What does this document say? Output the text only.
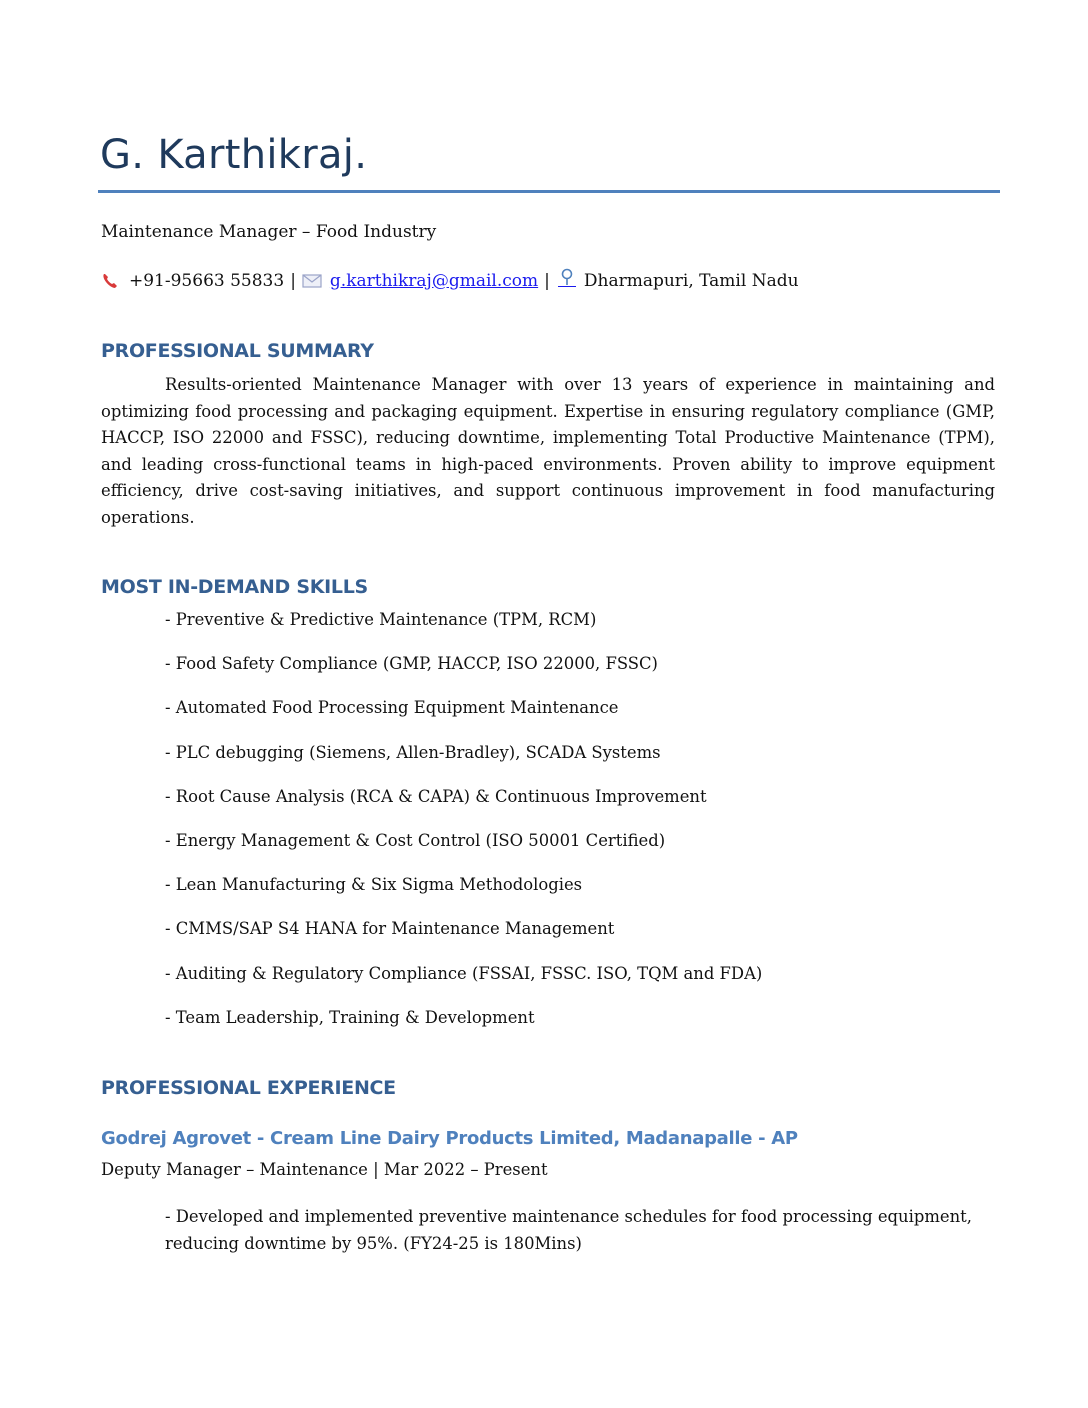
G. Karthikraj.
Maintenance Manager – Food Industry
+91-95663 55833 | g.karthikraj@gmail.com | Dharmapuri, Tamil Nadu
PROFESSIONAL SUMMARY
Results-oriented Maintenance Manager with over 13 years of experience in maintaining and optimizing food processing and packaging equipment. Expertise in ensuring regulatory compliance (GMP, HACCP, ISO 22000 and FSSC), reducing downtime, implementing Total Productive Maintenance (TPM), and leading cross-functional teams in high-paced environments. Proven ability to improve equipment efficiency, drive cost-saving initiatives, and support continuous improvement in food manufacturing operations.
MOST IN-DEMAND SKILLS
- Preventive & Predictive Maintenance (TPM, RCM)
- Food Safety Compliance (GMP, HACCP, ISO 22000, FSSC)
- Automated Food Processing Equipment Maintenance
- PLC debugging (Siemens, Allen-Bradley), SCADA Systems
- Root Cause Analysis (RCA & CAPA) & Continuous Improvement
- Energy Management & Cost Control (ISO 50001 Certified)
- Lean Manufacturing & Six Sigma Methodologies
- CMMS/SAP S4 HANA for Maintenance Management
- Auditing & Regulatory Compliance (FSSAI, FSSC. ISO, TQM and FDA)
- Team Leadership, Training & Development
PROFESSIONAL EXPERIENCE
Godrej Agrovet - Cream Line Dairy Products Limited, Madanapalle - AP
Deputy Manager – Maintenance | Mar 2022 – Present
- Developed and implemented preventive maintenance schedules for food processing equipment, reducing downtime by 95%. (FY24-25 is 180Mins)
